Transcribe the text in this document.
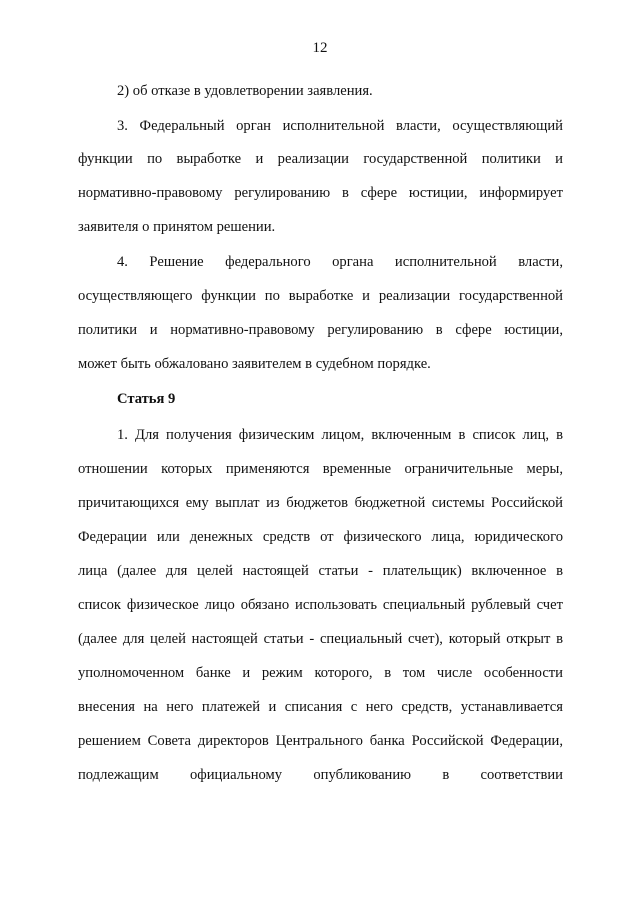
12
2) об отказе в удовлетворении заявления.
3. Федеральный орган исполнительной власти, осуществляющий
функции по выработке и реализации государственной политики и
нормативно-правовому регулированию в сфере юстиции, информирует
заявителя о принятом решении.
4. Решение федерального органа исполнительной власти,
осуществляющего функции по выработке и реализации государственной
политики и нормативно-правовому регулированию в сфере юстиции,
может быть обжаловано заявителем в судебном порядке.
Статья 9
1. Для получения физическим лицом, включенным в список лиц, в
отношении которых применяются временные ограничительные меры,
причитающихся ему выплат из бюджетов бюджетной системы Российской
Федерации или денежных средств от физического лица, юридического
лица (далее для целей настоящей статьи - плательщик) включенное в
список физическое лицо обязано использовать специальный рублевый счет
(далее для целей настоящей статьи - специальный счет), который открыт в
уполномоченном банке и режим которого, в том числе особенности
внесения на него платежей и списания с него средств, устанавливается
решением Совета директоров Центрального банка Российской Федерации,
подлежащим официальному опубликованию в соответствии
